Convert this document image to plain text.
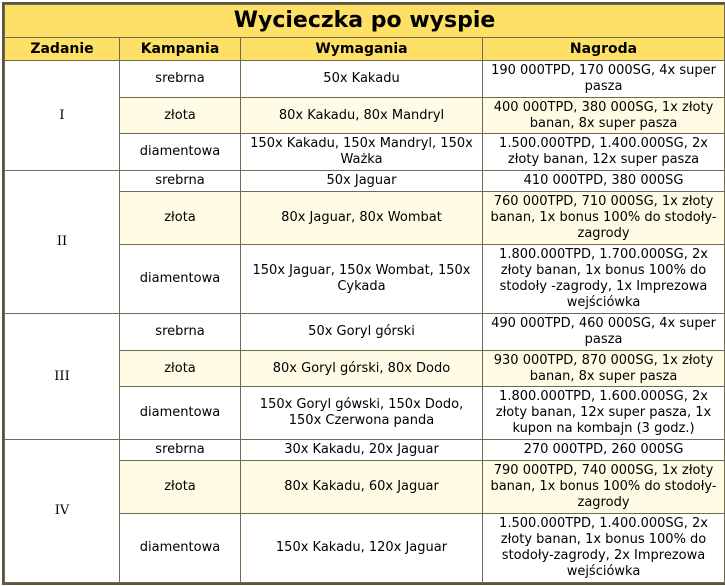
Wycieczka po wyspie			
Zadanie	Kampania	Wymagania	Nagroda
I	srebrna	50x Kakadu	190 000TPD, 170 000SG, 4x super pasza
	złota	80x Kakadu, 80x Mandryl	400 000TPD, 380 000SG, 1x złoty banan, 8x super pasza
	diamentowa	150x Kakadu, 150x Mandryl, 150x Ważka	1.500.000TPD, 1.400.000SG, 2x złoty banan, 12x super pasza
II	srebrna	50x Jaguar	410 000TPD, 380 000SG
	złota	80x Jaguar, 80x Wombat	760 000TPD, 710 000SG, 1x złoty banan, 1x bonus 100% do stodoły-zagrody
	diamentowa	150x Jaguar, 150x Wombat, 150x Cykada	1.800.000TPD, 1.700.000SG, 2x złoty banan, 1x bonus 100% do stodoły -zagrody, 1x Imprezowa wejściówka
III	srebrna	50x Goryl górski	490 000TPD, 460 000SG, 4x super pasza
	złota	80x Goryl górski, 80x Dodo	930 000TPD, 870 000SG, 1x złoty banan, 8x super pasza
	diamentowa	150x Goryl gówski, 150x Dodo, 150x Czerwona panda	1.800.000TPD, 1.600.000SG, 2x złoty banan, 12x super pasza, 1x kupon na kombajn (3 godz.)
IV	srebrna	30x Kakadu, 20x Jaguar	270 000TPD, 260 000SG
	złota	80x Kakadu, 60x Jaguar	790 000TPD, 740 000SG, 1x złoty banan, 1x bonus 100% do stodoły-zagrody
	diamentowa	150x Kakadu, 120x Jaguar	1.500.000TPD, 1.400.000SG, 2x złoty banan, 1x bonus 100% do stodoły-zagrody, 2x Imprezowa wejściówka
